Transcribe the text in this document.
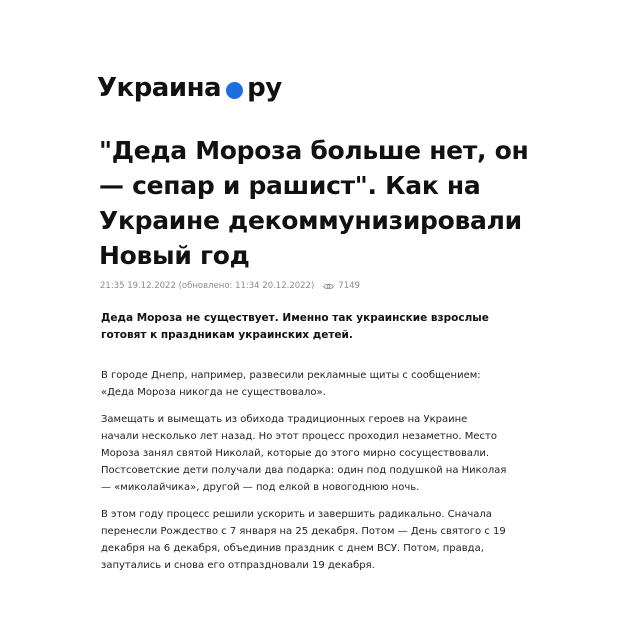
Украина ру
"Деда Мороза больше нет, он
— сепар и рашист". Как на
Украине декоммунизировали
Новый год
21:35 19.12.2022
(обновлено: 11:34 20.12.2022)	7149

Деда Мороза не существует. Именно так украинские взрослые
готовят к праздникам украинских детей.

В городе Днепр, например, развесили рекламные щиты с сообщением:
«Деда Мороза никогда не существовало».

Замещать и вымещать из обихода традиционных героев на Украине
начали несколько лет назад. Но этот процесс проходил незаметно. Место
Мороза занял святой Николай, которые до этого мирно сосуществовали.
Постсоветские дети получали два подарка: один под подушкой на Николая
— «миколайчика», другой — под елкой в новогоднюю ночь.

В этом году процесс решили ускорить и завершить радикально. Сначала
перенесли Рождество с 7 января на 25 декабря. Потом — День святого с 19
декабря на 6 декабря, объединив праздник с днем ВСУ. Потом, правда,
запутались и снова его отпраздновали 19 декабря.
